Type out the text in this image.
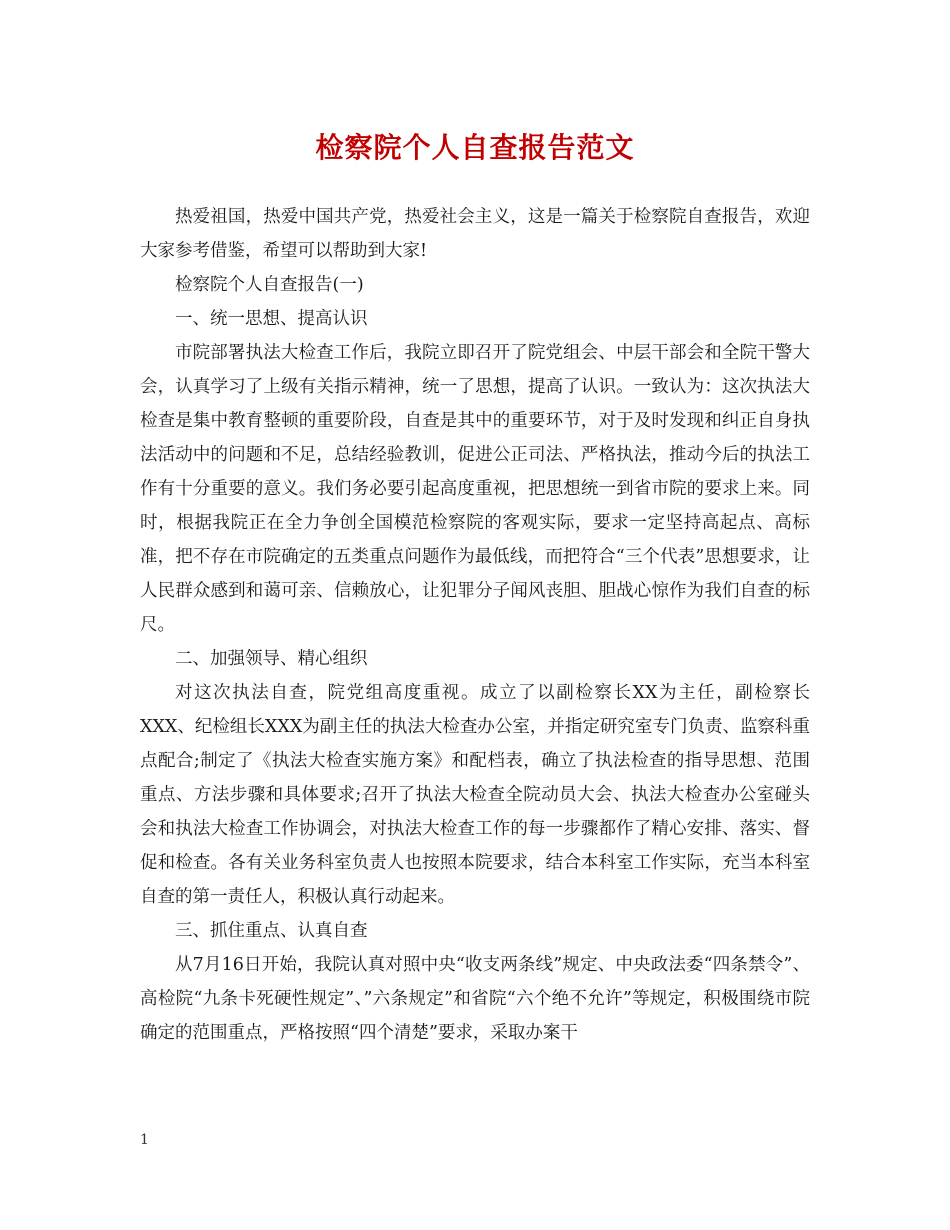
检察院个人自查报告范文

热爱祖国，热爱中国共产党，热爱社会主义，这是一篇关于检察院自查报告，欢迎大家参考借鉴，希望可以帮助到大家!

检察院个人自查报告(一)

一、统一思想、提高认识

市院部署执法大检查工作后，我院立即召开了院党组会、中层干部会和全院干警大会，认真学习了上级有关指示精神，统一了思想，提高了认识。一致认为：这次执法大检查是集中教育整顿的重要阶段，自查是其中的重要环节，对于及时发现和纠正自身执法活动中的问题和不足，总结经验教训，促进公正司法、严格执法，推动今后的执法工作有十分重要的意义。我们务必要引起高度重视，把思想统一到省市院的要求上来。同时，根据我院正在全力争创全国模范检察院的客观实际，要求一定坚持高起点、高标准，把不存在市院确定的五类重点问题作为最低线，而把符合“三个代表”思想要求，让人民群众感到和蔼可亲、信赖放心，让犯罪分子闻风丧胆、胆战心惊作为我们自查的标尺。

二、加强领导、精心组织

对这次执法自查，院党组高度重视。成立了以副检察长XX为主任，副检察长XXX、纪检组长XXX为副主任的执法大检查办公室，并指定研究室专门负责、监察科重点配合;制定了《执法大检查实施方案》和配档表，确立了执法检查的指导思想、范围重点、方法步骤和具体要求;召开了执法大检查全院动员大会、执法大检查办公室碰头会和执法大检查工作协调会，对执法大检查工作的每一步骤都作了精心安排、落实、督促和检查。各有关业务科室负责人也按照本院要求，结合本科室工作实际，充当本科室自查的第一责任人，积极认真行动起来。

三、抓住重点、认真自查

从7月16日开始，我院认真对照中央“收支两条线”规定、中央政法委“四条禁令”、高检院“九条卡死硬性规定”、”六条规定”和省院“六个绝不允许”等规定，积极围绕市院确定的范围重点，严格按照“四个清楚”要求，采取办案干

1
